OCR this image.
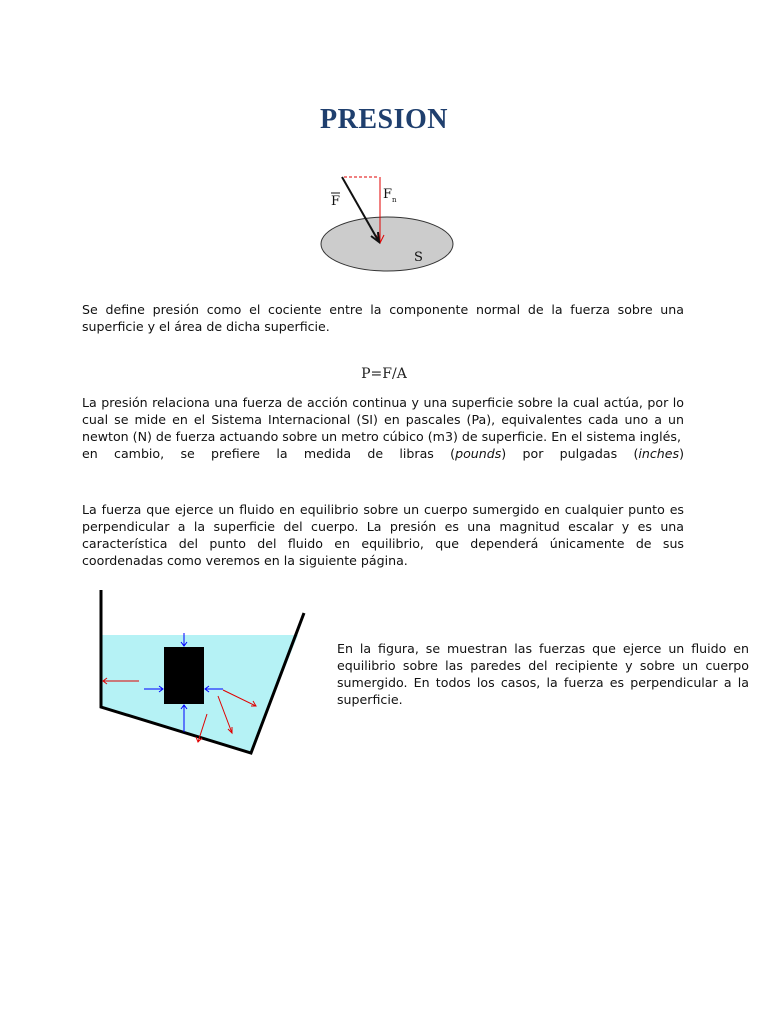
PRESION
F	F n
S
Se define presión como el cociente entre la componente normal de la fuerza sobre una superficie y el área de dicha superficie.
P=F/A
La presión relaciona una fuerza de acción continua y una superficie sobre la cual actúa, por lo cual se mide en el Sistema Internacional (SI) en pascales (Pa), equivalentes cada uno a un newton (N) de fuerza actuando sobre un metro cúbico (m3) de superficie. En el sistema inglés,
en cambio, se prefiere la medida de libras (pounds) por pulgadas (inches)
La fuerza que ejerce un fluido en equilibrio sobre un cuerpo sumergido en cualquier punto es perpendicular a la superficie del cuerpo. La presión es una magnitud escalar y es una característica del punto del fluido en equilibrio, que dependerá únicamente de sus coordenadas como veremos en la siguiente página.
En la figura, se muestran las fuerzas que ejerce un fluido en equilibrio sobre las paredes del recipiente y sobre un cuerpo sumergido. En todos los casos, la fuerza es perpendicular a la superficie.
